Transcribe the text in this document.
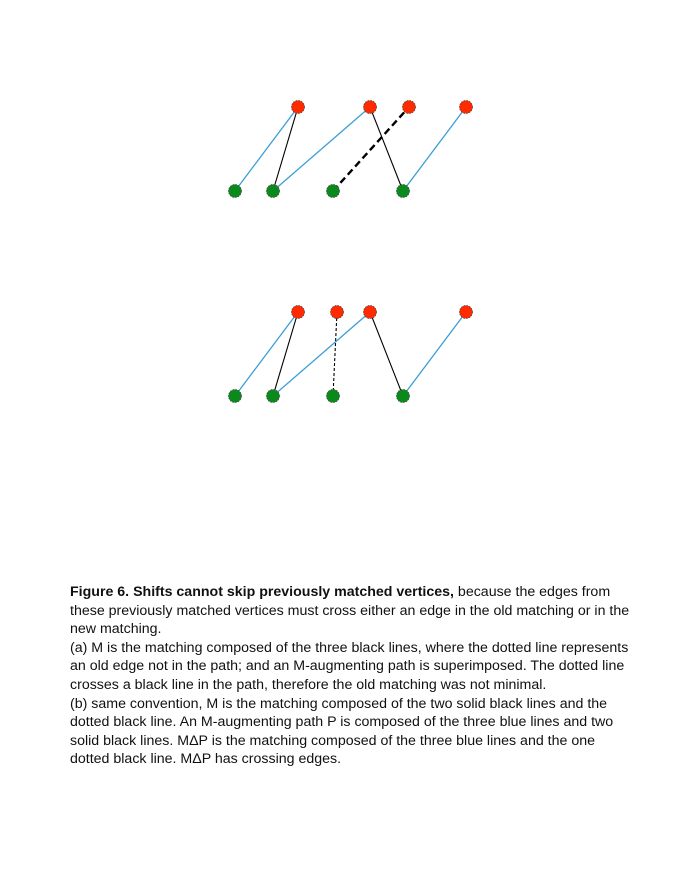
Figure 6. Shifts cannot skip previously matched vertices, because the edges from these previously matched vertices must cross either an edge in the old matching or in the new matching.

(a) M is the matching composed of the three black lines, where the dotted line represents an old edge not in the path; and an M-augmenting path is superimposed. The dotted line crosses a black line in the path, therefore the old matching was not minimal.

(b) same convention, M is the matching composed of the two solid black lines and the dotted black line. An M-augmenting path P is composed of the three blue lines and two solid black lines. MΔP is the matching composed of the three blue lines and the one dotted black line. MΔP has crossing edges.
